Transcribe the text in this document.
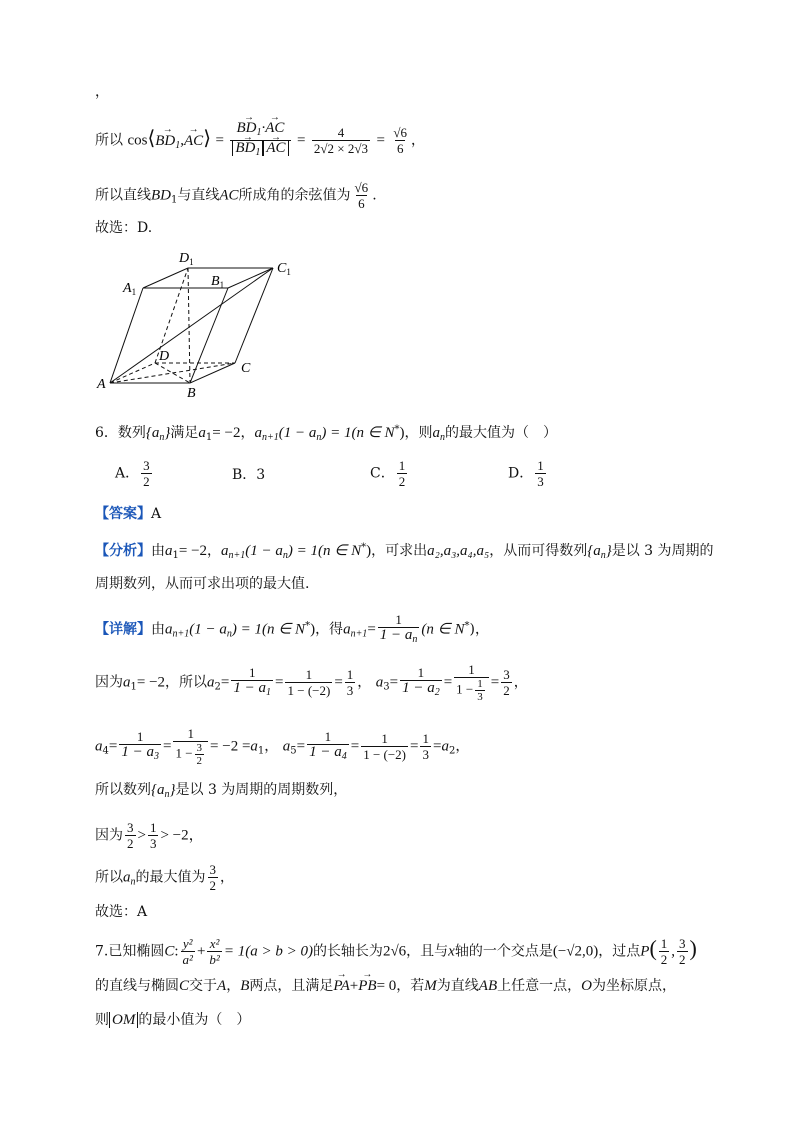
，
所以 cos⟨→ $BD_1,\to$ AC⟩ =
→ $BD_1\cdot\to$ AC
→ $BD_1\to$ AC = $\frac{4}{2√2 \times 2√3} = \frac{√6}{6}$ ，
所以直线$BD_1$与直线AC所成角的余弦值为 $\frac{√6}{6}$ .
故选：D.
A
B
C
D
$A_1$
$B_1$
$C_1$
$D_1$
6．数列$\{a_n\}$满足$a_1= -2$，$a_{n+1}(1 - a_n) = 1(n$ ∈ N*)，则$a_n$的最大值为（　）
A． $\frac{3}{2}$	B．3	C． $\frac{1}{2}$	D． $\frac{1}{3}$
【答案】A
【分析】由$a_1= -2$，$a_{n+1}(1 - a_n) = 1(n$ ∈ N*)，可求出a₂,a₃,a₄,a₅，从而可得数列$\{a_n\}$是以 3 为周期的
周期数列，从而可求出项的最大值.
【详解】由$a_{n+1}(1 - a_n) = 1(n$ ∈ N*)，得$a_{n+1}= \frac{1}{1 - a_n} (n$ ∈ N*)，
因为$a_1= -2$，所以$a_2= \frac{1}{1 - a_1} = \frac{1}{1 - (-2)} = \frac{1}{3}$ ， $a_3= \frac{1}{1 - a_2} = \frac{1}{1 - \frac{1}{3}} = \frac{3}{2}$ ，
$a_4= \frac{1}{1 - a_3} = \frac{1}{1 - \frac{3}{2}} = -2 =a_1$， $a_5= \frac{1}{1 - a_4} = \frac{1}{1 - (-2)} = \frac{1}{3} =a_2$，
所以数列$\{a_n\}$是以 3 为周期的周期数列，
因为 $\frac{3}{2} > \frac{1}{3} > -2$，
所以$a_n$的最大值为 $\frac{3}{2}$ ，
故选：A
7.已知椭圆C: $\frac{\text{y²}}{\text{a²}} + \frac{\text{x²}}{\text{b²}} = 1(a > b > 0)$的长轴长为2√6，且与x轴的一个交点是(−√2,0)，过点$P( \frac{1}{2}$ , $\frac{3}{2}$ )
的直线与椭圆C交于A，B两点，且满足→ PA+→ PB= 0，若M为直线AB上任意一点，O为坐标原点，
则 OM 的最小值为（　）
